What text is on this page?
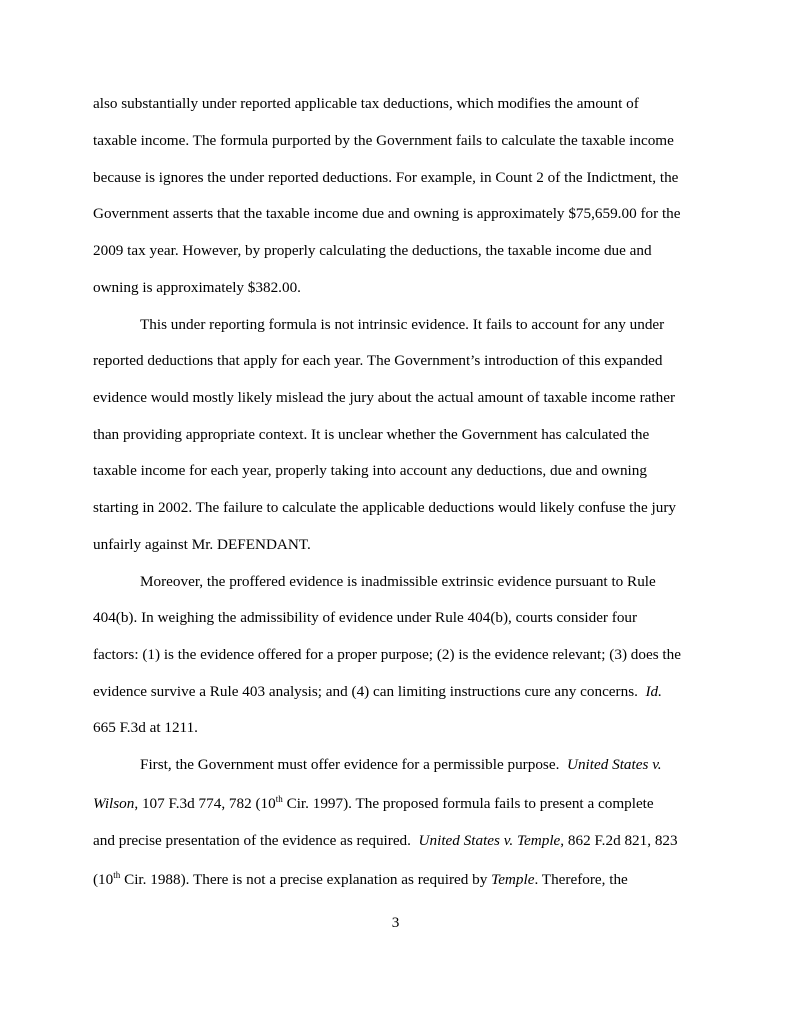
also substantially under reported applicable tax deductions, which modifies the amount of
taxable income. The formula purported by the Government fails to calculate the taxable income
because is ignores the under reported deductions. For example, in Count 2 of the Indictment, the
Government asserts that the taxable income due and owning is approximately $75,659.00 for the
2009 tax year. However, by properly calculating the deductions, the taxable income due and
owning is approximately $382.00.
This under reporting formula is not intrinsic evidence. It fails to account for any under
reported deductions that apply for each year. The Government’s introduction of this expanded
evidence would mostly likely mislead the jury about the actual amount of taxable income rather
than providing appropriate context. It is unclear whether the Government has calculated the
taxable income for each year, properly taking into account any deductions, due and owning
starting in 2002. The failure to calculate the applicable deductions would likely confuse the jury
unfairly against Mr. DEFENDANT.
Moreover, the proffered evidence is inadmissible extrinsic evidence pursuant to Rule
404(b). In weighing the admissibility of evidence under Rule 404(b), courts consider four
factors: (1) is the evidence offered for a proper purpose; (2) is the evidence relevant; (3) does the
evidence survive a Rule 403 analysis; and (4) can limiting instructions cure any concerns. Id.
665 F.3d at 1211.
First, the Government must offer evidence for a permissible purpose. United States v.
Wilson, 107 F.3d 774, 782 (10th Cir. 1997). The proposed formula fails to present a complete
and precise presentation of the evidence as required. United States v. Temple, 862 F.2d 821, 823
(10th Cir. 1988). There is not a precise explanation as required by Temple. Therefore, the
3
